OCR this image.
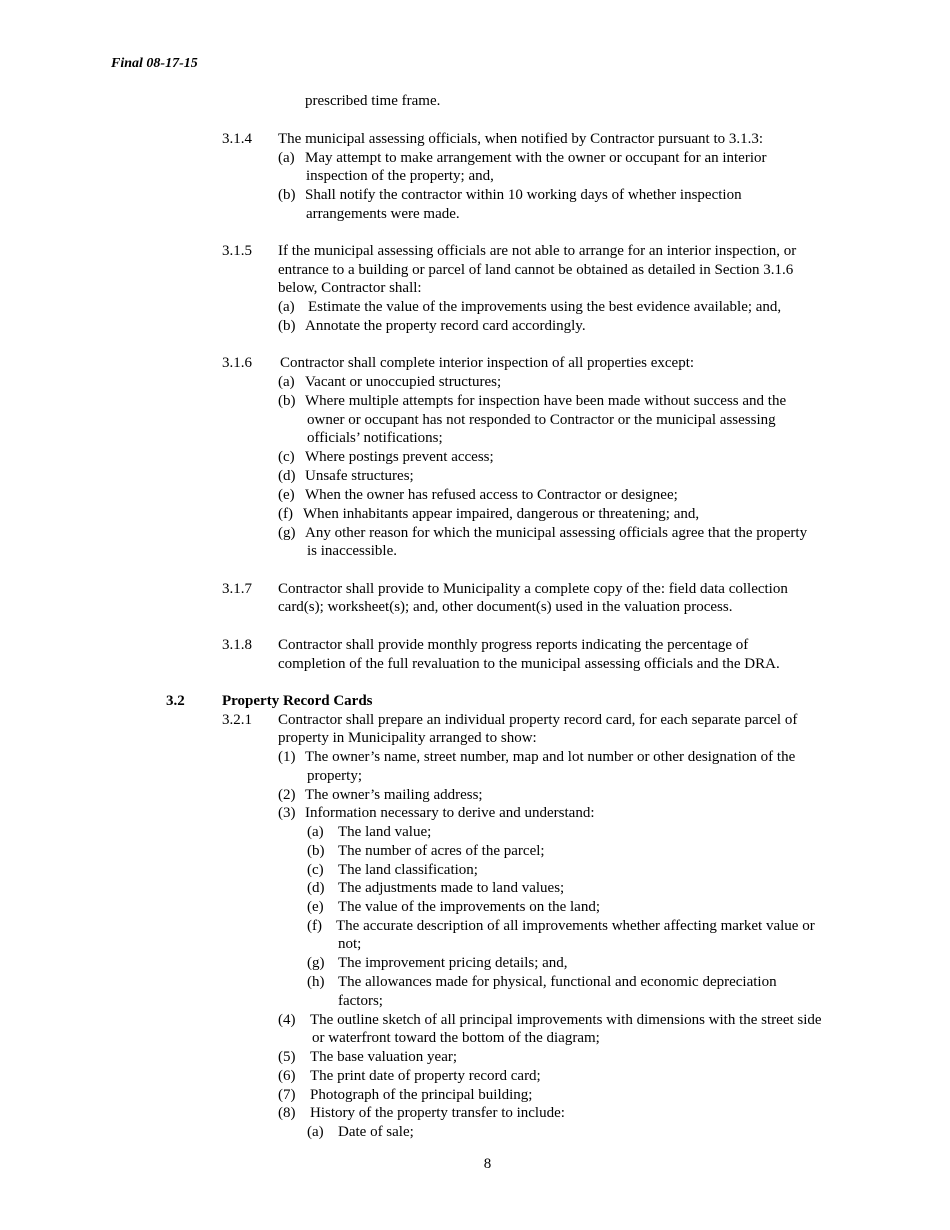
Final 08-17-15
prescribed time frame.
3.1.4 The municipal assessing officials, when notified by Contractor pursuant to 3.1.3:
(a) May attempt to make arrangement with the owner or occupant for an interior
inspection of the property; and,
(b) Shall notify the contractor within 10 working days of whether inspection
arrangements were made.
3.1.5 If the municipal assessing officials are not able to arrange for an interior inspection, or
entrance to a building or parcel of land cannot be obtained as detailed in Section 3.1.6
below, Contractor shall:
(a) Estimate the value of the improvements using the best evidence available; and,
(b) Annotate the property record card accordingly.
3.1.6 Contractor shall complete interior inspection of all properties except:
(a) Vacant or unoccupied structures;
(b) Where multiple attempts for inspection have been made without success and the
owner or occupant has not responded to Contractor or the municipal assessing
officials’ notifications;
(c) Where postings prevent access;
(d) Unsafe structures;
(e) When the owner has refused access to Contractor or designee;
(f) When inhabitants appear impaired, dangerous or threatening; and,
(g) Any other reason for which the municipal assessing officials agree that the property
is inaccessible.
3.1.7 Contractor shall provide to Municipality a complete copy of the: field data collection
card(s); worksheet(s); and, other document(s) used in the valuation process.
3.1.8 Contractor shall provide monthly progress reports indicating the percentage of
completion of the full revaluation to the municipal assessing officials and the DRA.
3.2 Property Record Cards
3.2.1 Contractor shall prepare an individual property record card, for each separate parcel of
property in Municipality arranged to show:
(1) The owner’s name, street number, map and lot number or other designation of the
property;
(2) The owner’s mailing address;
(3) Information necessary to derive and understand:
(a) The land value;
(b) The number of acres of the parcel;
(c) The land classification;
(d) The adjustments made to land values;
(e) The value of the improvements on the land;
(f) The accurate description of all improvements whether affecting market value or
not;
(g) The improvement pricing details; and,
(h) The allowances made for physical, functional and economic depreciation
factors;
(4) The outline sketch of all principal improvements with dimensions with the street side
or waterfront toward the bottom of the diagram;
(5) The base valuation year;
(6) The print date of property record card;
(7) Photograph of the principal building;
(8) History of the property transfer to include:
(a) Date of sale;
8
